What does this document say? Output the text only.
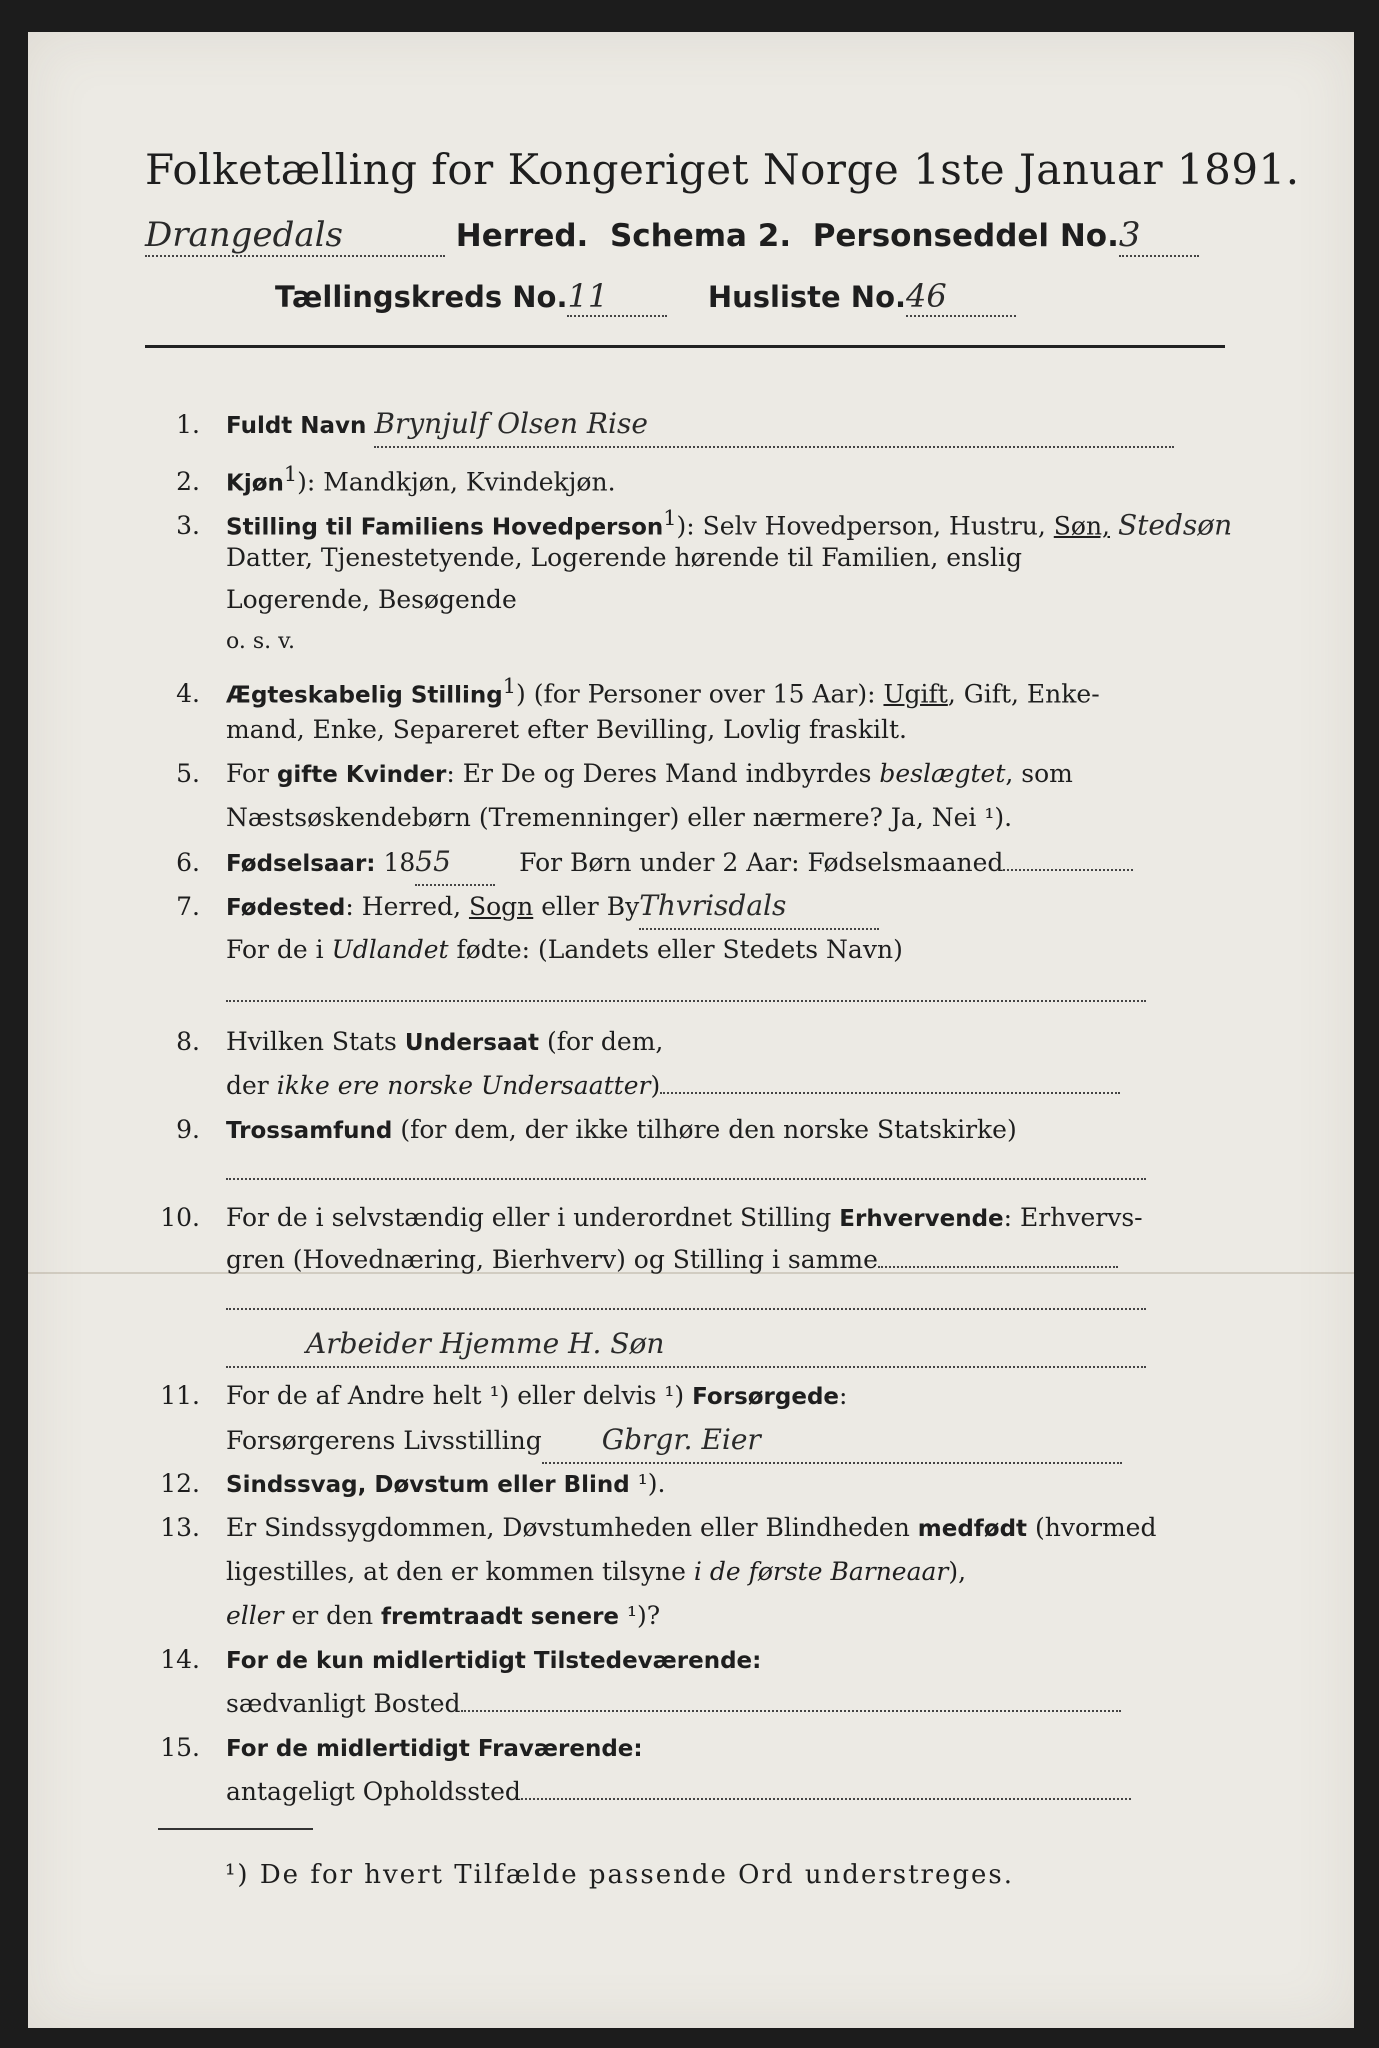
Folketælling for Kongeriget Norge 1ste Januar 1891.
Drangedals	Herred. Schema 2. Personseddel No.3
Tællingskreds No.11	Husliste No.46
1. Fuldt Navn Brynjulf Olsen Rise
2. Kjøn$^1$): Mandkjøn, Kvindekjøn.
3. Stilling til Familiens Hovedperson$^1$): Selv Hovedperson, Hustru, Søn, Stedsøn
Datter, Tjenestetyende, Logerende hørende til Familien, enslig
Logerende, Besøgende
o. s. v.
4. Ægteskabelig Stilling$^1$) (for Personer over 15 Aar): Ugift, Gift, Enke-
mand, Enke, Separeret efter Bevilling, Lovlig fraskilt.
5. For gifte Kvinder: Er De og Deres Mand indbyrdes beslægtet, som
Næstsøskendebørn (Tremenninger) eller nærmere? Ja, Nei ¹).
6. Fødselsaar: 1855	For Børn under 2 Aar: Fødselsmaaned
7. Fødested: Herred, Sogn eller ByThvrisdals
For de i Udlandet fødte: (Landets eller Stedets Navn)
8. Hvilken Stats Undersaat (for dem,
der ikke ere norske Undersaatter)
9. Trossamfund (for dem, der ikke tilhøre den norske Statskirke)
10. For de i selvstændig eller i underordnet Stilling Erhvervende: Erhvervs-
gren (Hovednæring, Bierhverv) og Stilling i samme
Arbeider Hjemme H. Søn
11. For de af Andre helt ¹) eller delvis ¹) Forsørgede:
Forsørgerens Livsstilling Gbrgr. Eier
12. Sindssvag, Døvstum eller Blind ¹).
13. Er Sindssygdommen, Døvstumheden eller Blindheden medfødt (hvormed
ligestilles, at den er kommen tilsyne i de første Barneaar),
eller er den fremtraadt senere ¹)?
14. For de kun midlertidigt Tilstedeværende:
sædvanligt Bosted
15. For de midlertidigt Fraværende:
antageligt Opholdssted
¹) De for hvert Tilfælde passende Ord understreges.
